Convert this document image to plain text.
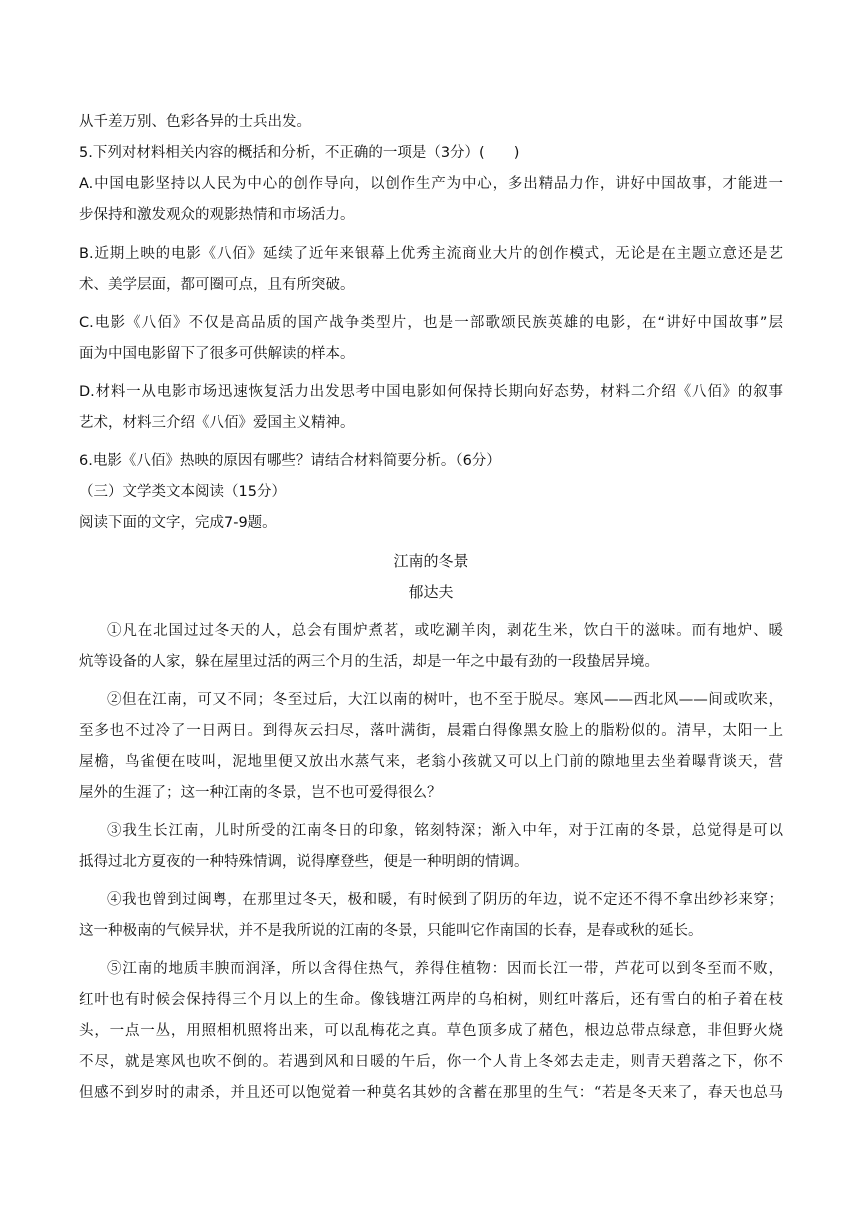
从千差万别、色彩各异的士兵出发。
5.下列对材料相关内容的概括和分析，不正确的一项是（3分）(　　)
A.中国电影坚持以人民为中心的创作导向，以创作生产为中心，多出精品力作，讲好中国故事，才能进一
步保持和激发观众的观影热情和市场活力。
B.近期上映的电影《八佰》延续了近年来银幕上优秀主流商业大片的创作模式，无论是在主题立意还是艺
术、美学层面，都可圈可点，且有所突破。
C.电影《八佰》不仅是高品质的国产战争类型片，也是一部歌颂民族英雄的电影，在“讲好中国故事”层
面为中国电影留下了很多可供解读的样本。
D.材料一从电影市场迅速恢复活力出发思考中国电影如何保持长期向好态势，材料二介绍《八佰》的叙事
艺术，材料三介绍《八佰》爱国主义精神。
6.电影《八佰》热映的原因有哪些？请结合材料简要分析。（6分）
（三）文学类文本阅读（15分）
阅读下面的文字，完成7-9题。
江南的冬景
郁达夫
①凡在北国过过冬天的人，总会有围炉煮茗，或吃涮羊肉，剥花生米，饮白干的滋味。而有地炉、暖
炕等设备的人家，躲在屋里过活的两三个月的生活，却是一年之中最有劲的一段蛰居异境。
②但在江南，可又不同；冬至过后，大江以南的树叶，也不至于脱尽。寒风——西北风——间或吹来，
至多也不过冷了一日两日。到得灰云扫尽，落叶满街，晨霜白得像黑女脸上的脂粉似的。清早，太阳一上
屋檐，鸟雀便在吱叫，泥地里便又放出水蒸气来，老翁小孩就又可以上门前的隙地里去坐着曝背谈天，营
屋外的生涯了；这一种江南的冬景，岂不也可爱得很么？
③我生长江南，儿时所受的江南冬日的印象，铭刻特深；渐入中年，对于江南的冬景，总觉得是可以
抵得过北方夏夜的一种特殊情调，说得摩登些，便是一种明朗的情调。
④我也曾到过闽粤，在那里过冬天，极和暖，有时候到了阴历的年边，说不定还不得不拿出纱衫来穿；
这一种极南的气候异状，并不是我所说的江南的冬景，只能叫它作南国的长春，是春或秋的延长。
⑤江南的地质丰腴而润泽，所以含得住热气，养得住植物：因而长江一带，芦花可以到冬至而不败，
红叶也有时候会保持得三个月以上的生命。像钱塘江两岸的乌桕树，则红叶落后，还有雪白的桕子着在枝
头，一点一丛，用照相机照将出来，可以乱梅花之真。草色顶多成了赭色，根边总带点绿意，非但野火烧
不尽，就是寒风也吹不倒的。若遇到风和日暖的午后，你一个人肯上冬郊去走走，则青天碧落之下，你不
但感不到岁时的肃杀，并且还可以饱觉着一种莫名其妙的含蓄在那里的生气：“若是冬天来了，春天也总马
